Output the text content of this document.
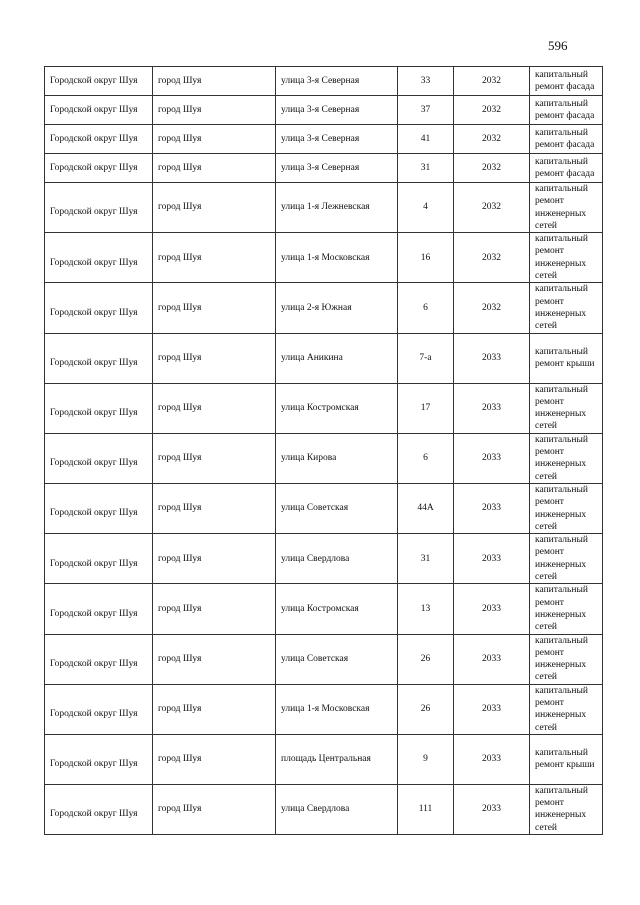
596
Городской округ Шуя	город Шуя	улица 3-я Северная	33	2032	капитальный ремонт фасада
Городской округ Шуя	город Шуя	улица 3-я Северная	37	2032	капитальный ремонт фасада
Городской округ Шуя	город Шуя	улица 3-я Северная	41	2032	капитальный ремонт фасада
Городской округ Шуя	город Шуя	улица 3-я Северная	31	2032	капитальный ремонт фасада
Городской округ Шуя	город Шуя	улица 1-я Лежневская	4	2032	капитальный ремонт инженерных сетей
Городской округ Шуя	город Шуя	улица 1-я Московская	16	2032	капитальный ремонт инженерных сетей
Городской округ Шуя	город Шуя	улица 2-я Южная	6	2032	капитальный ремонт инженерных сетей
Городской округ Шуя	город Шуя	улица Аникина	7-а	2033	капитальный ремонт крыши
Городской округ Шуя	город Шуя	улица Костромская	17	2033	капитальный ремонт инженерных сетей
Городской округ Шуя	город Шуя	улица Кирова	6	2033	капитальный ремонт инженерных сетей
Городской округ Шуя	город Шуя	улица Советская	44А	2033	капитальный ремонт инженерных сетей
Городской округ Шуя	город Шуя	улица Свердлова	31	2033	капитальный ремонт инженерных сетей
Городской округ Шуя	город Шуя	улица Костромская	13	2033	капитальный ремонт инженерных сетей
Городской округ Шуя	город Шуя	улица Советская	26	2033	капитальный ремонт инженерных сетей
Городской округ Шуя	город Шуя	улица 1-я Московская	26	2033	капитальный ремонт инженерных сетей
Городской округ Шуя	город Шуя	площадь Центральная	9	2033	капитальный ремонт крыши
Городской округ Шуя	город Шуя	улица Свердлова	111	2033	капитальный ремонт инженерных сетей
